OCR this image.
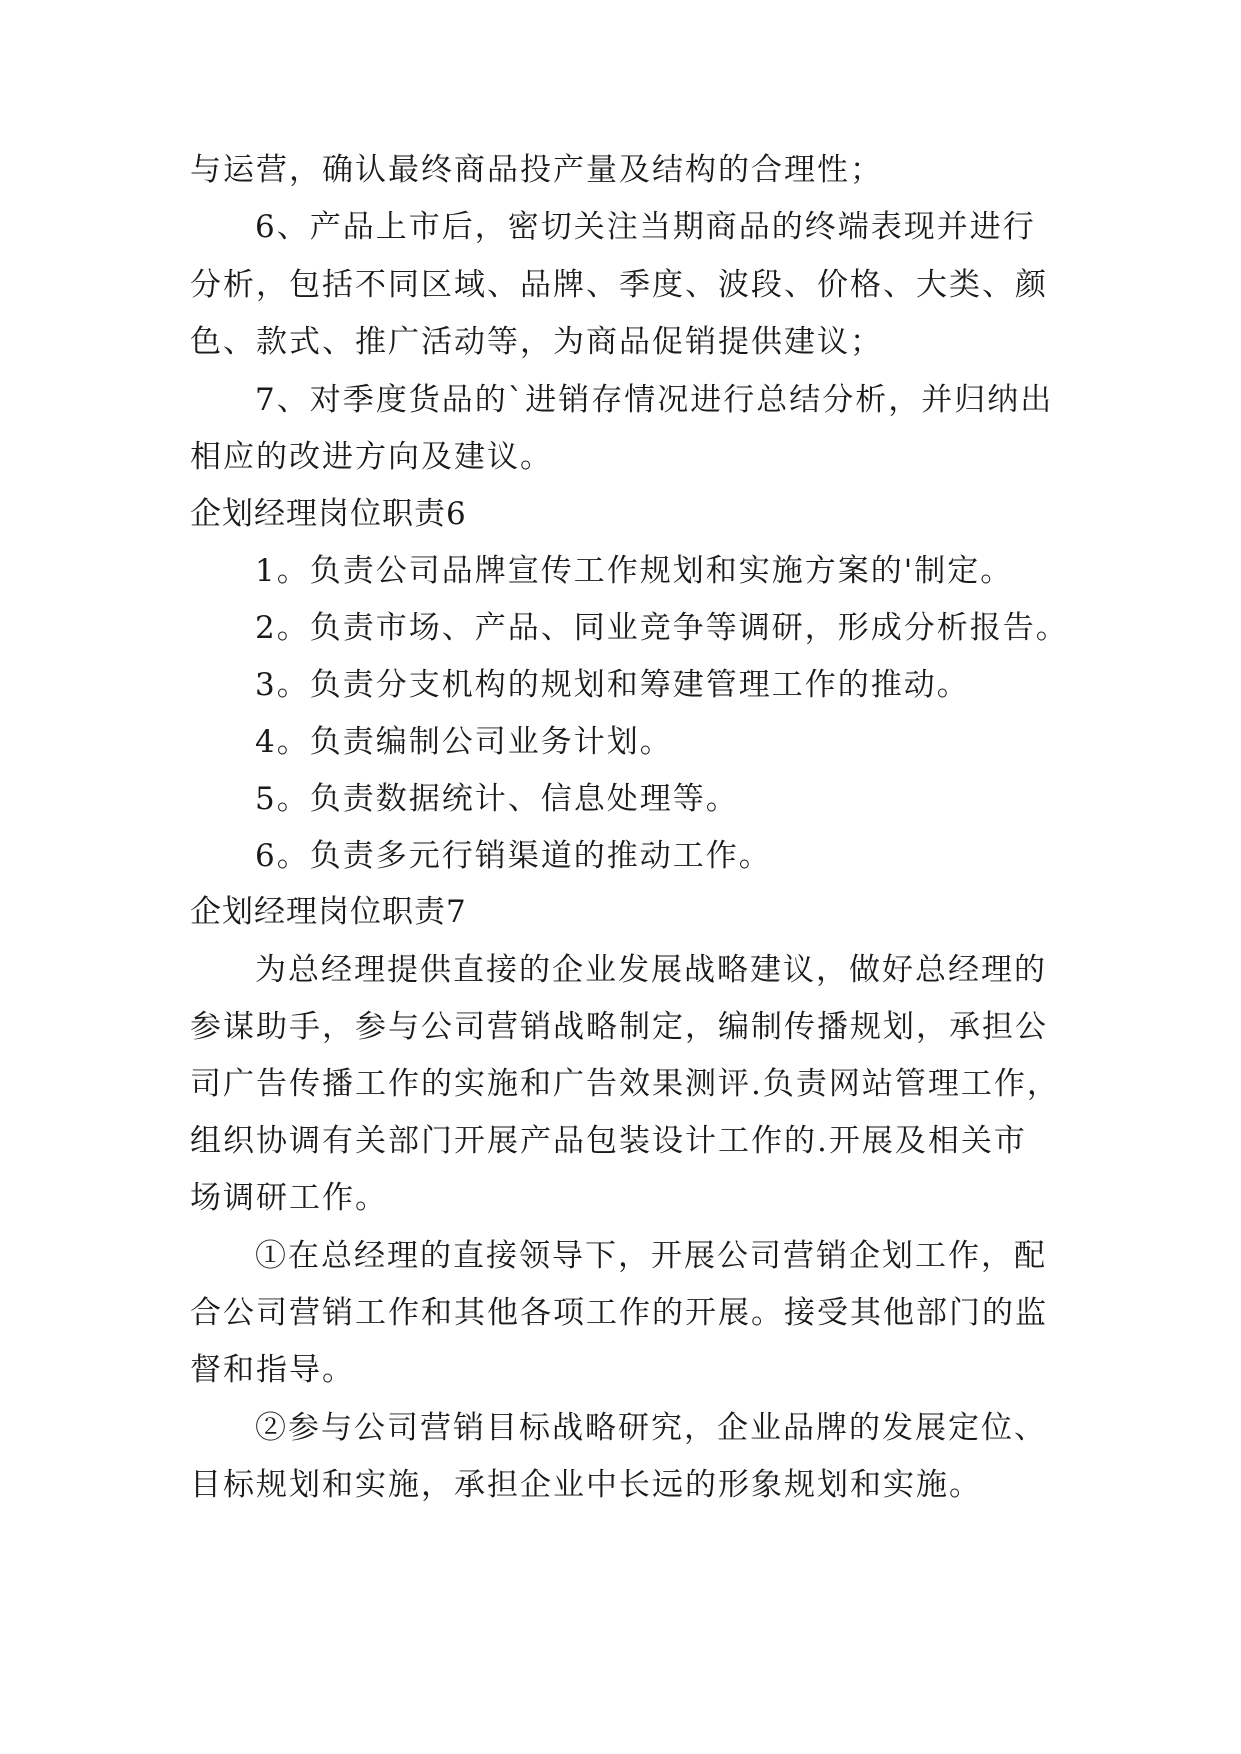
与运营，确认最终商品投产量及结构的合理性；
6、产品上市后，密切关注当期商品的终端表现并进行
分析，包括不同区域、品牌、季度、波段、价格、大类、颜
色、款式、推广活动等，为商品促销提供建议；
7、对季度货品的`进销存情况进行总结分析，并归纳出
相应的改进方向及建议。
企划经理岗位职责6
1。负责公司品牌宣传工作规划和实施方案的'制定。
2。负责市场、产品、同业竞争等调研，形成分析报告。
3。负责分支机构的规划和筹建管理工作的推动。
4。负责编制公司业务计划。
5。负责数据统计、信息处理等。
6。负责多元行销渠道的推动工作。
企划经理岗位职责7
为总经理提供直接的企业发展战略建议，做好总经理的
参谋助手，参与公司营销战略制定，编制传播规划，承担公
司广告传播工作的实施和广告效果测评.负责网站管理工作，
组织协调有关部门开展产品包装设计工作的.开展及相关市
场调研工作。
①在总经理的直接领导下，开展公司营销企划工作，配
合公司营销工作和其他各项工作的开展。接受其他部门的监
督和指导。
②参与公司营销目标战略研究，企业品牌的发展定位、
目标规划和实施，承担企业中长远的形象规划和实施。
